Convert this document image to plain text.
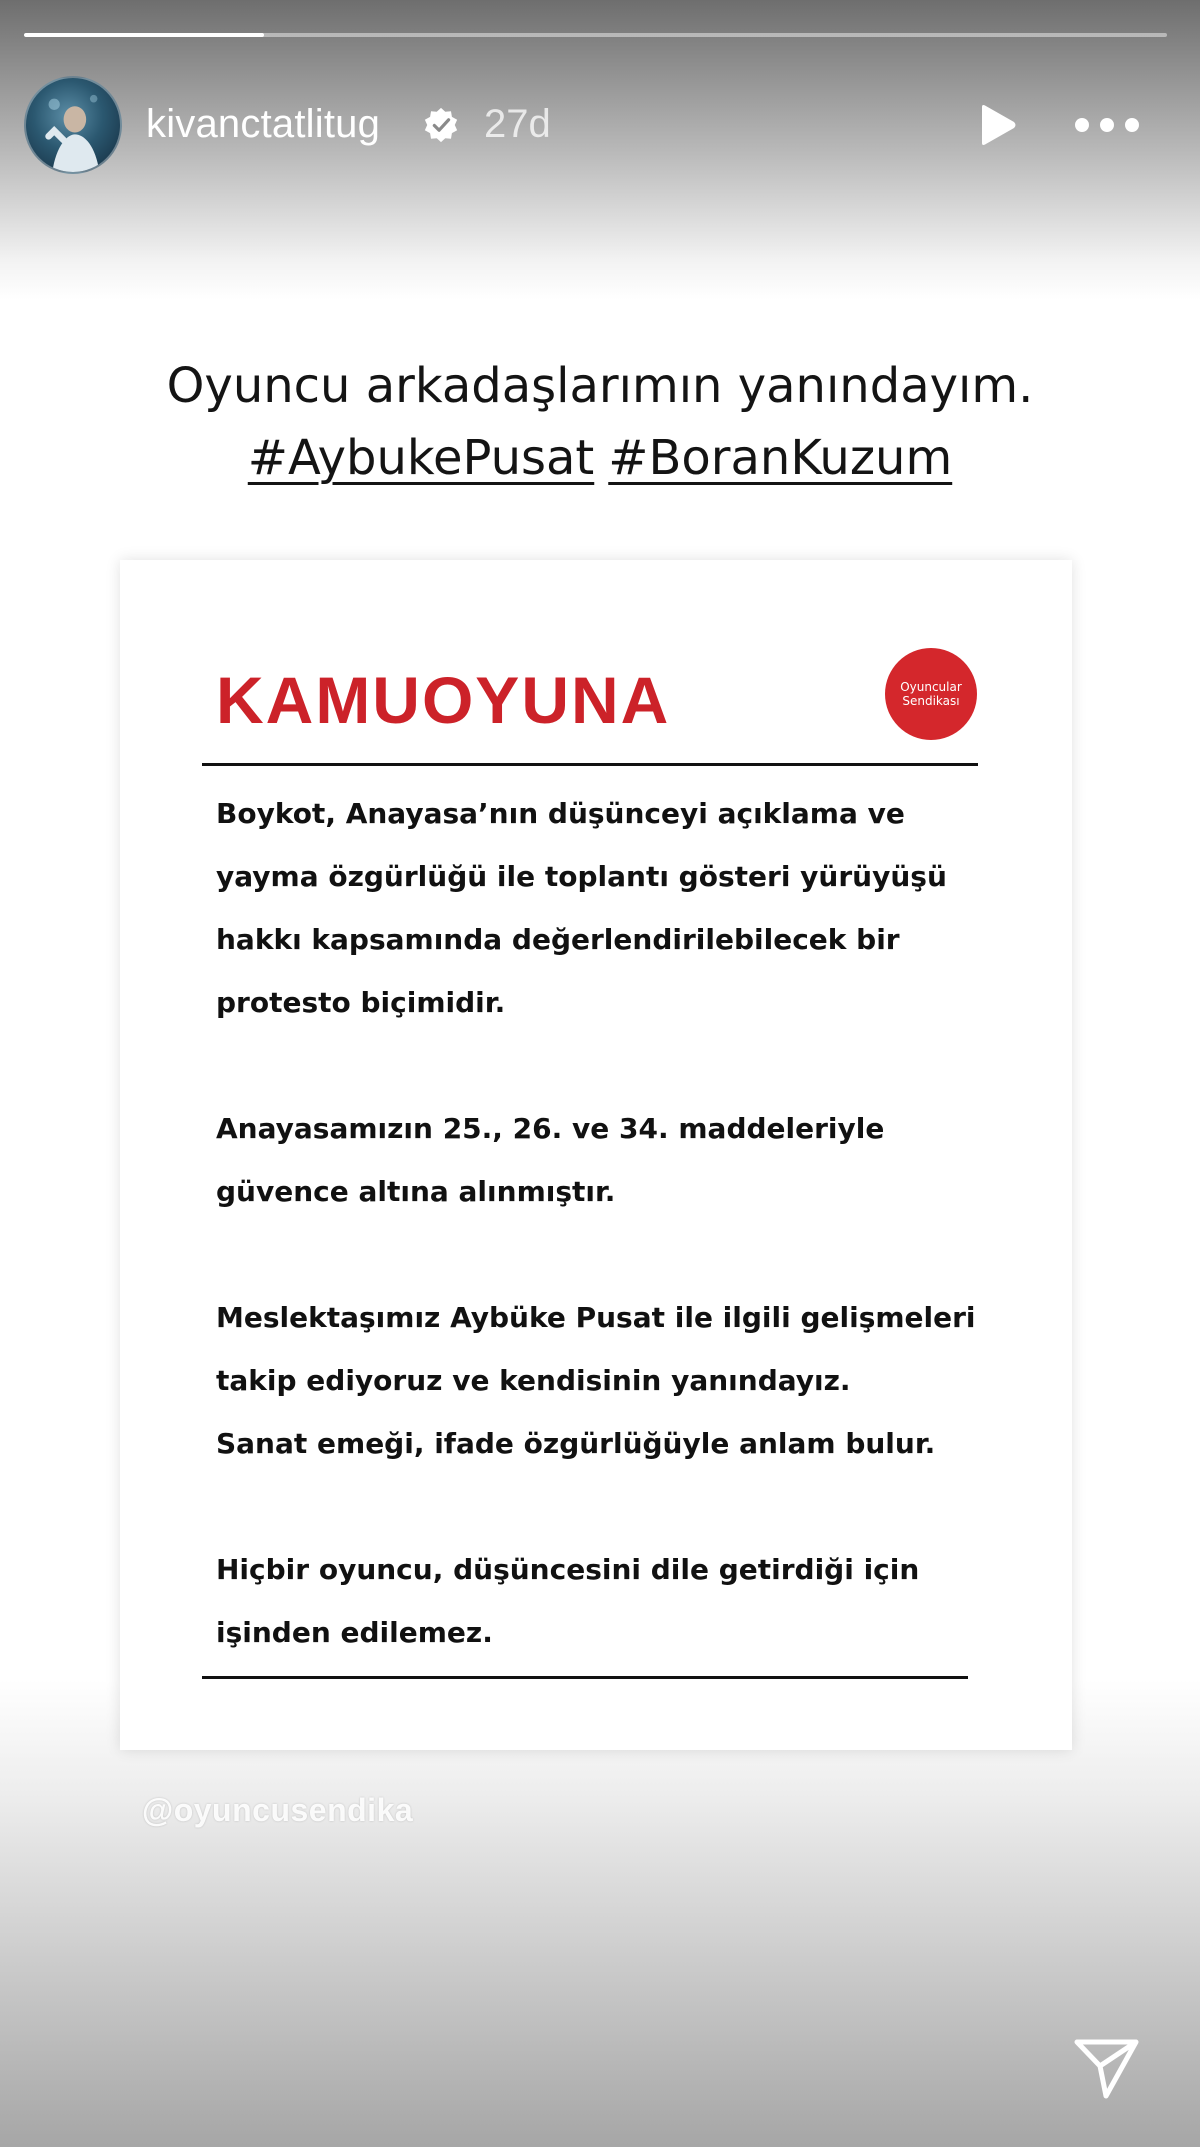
kivanctatlitug	27d
Oyuncu arkadaşlarımın yanındayım.
#AybukePusat #BoranKuzum
KAMUOYUNA	Oyuncular
Sendikası
Boykot, Anayasa’nın düşünceyi açıklama ve
yayma özgürlüğü ile toplantı gösteri yürüyüşü
hakkı kapsamında değerlendirilebilecek bir
protesto biçimidir.
Anayasamızın 25., 26. ve 34. maddeleriyle
güvence altına alınmıştır.
Meslektaşımız Aybüke Pusat ile ilgili gelişmeleri
takip ediyoruz ve kendisinin yanındayız.
Sanat emeği, ifade özgürlüğüyle anlam bulur.
Hiçbir oyuncu, düşüncesini dile getirdiği için
işinden edilemez.
@oyuncusendika
